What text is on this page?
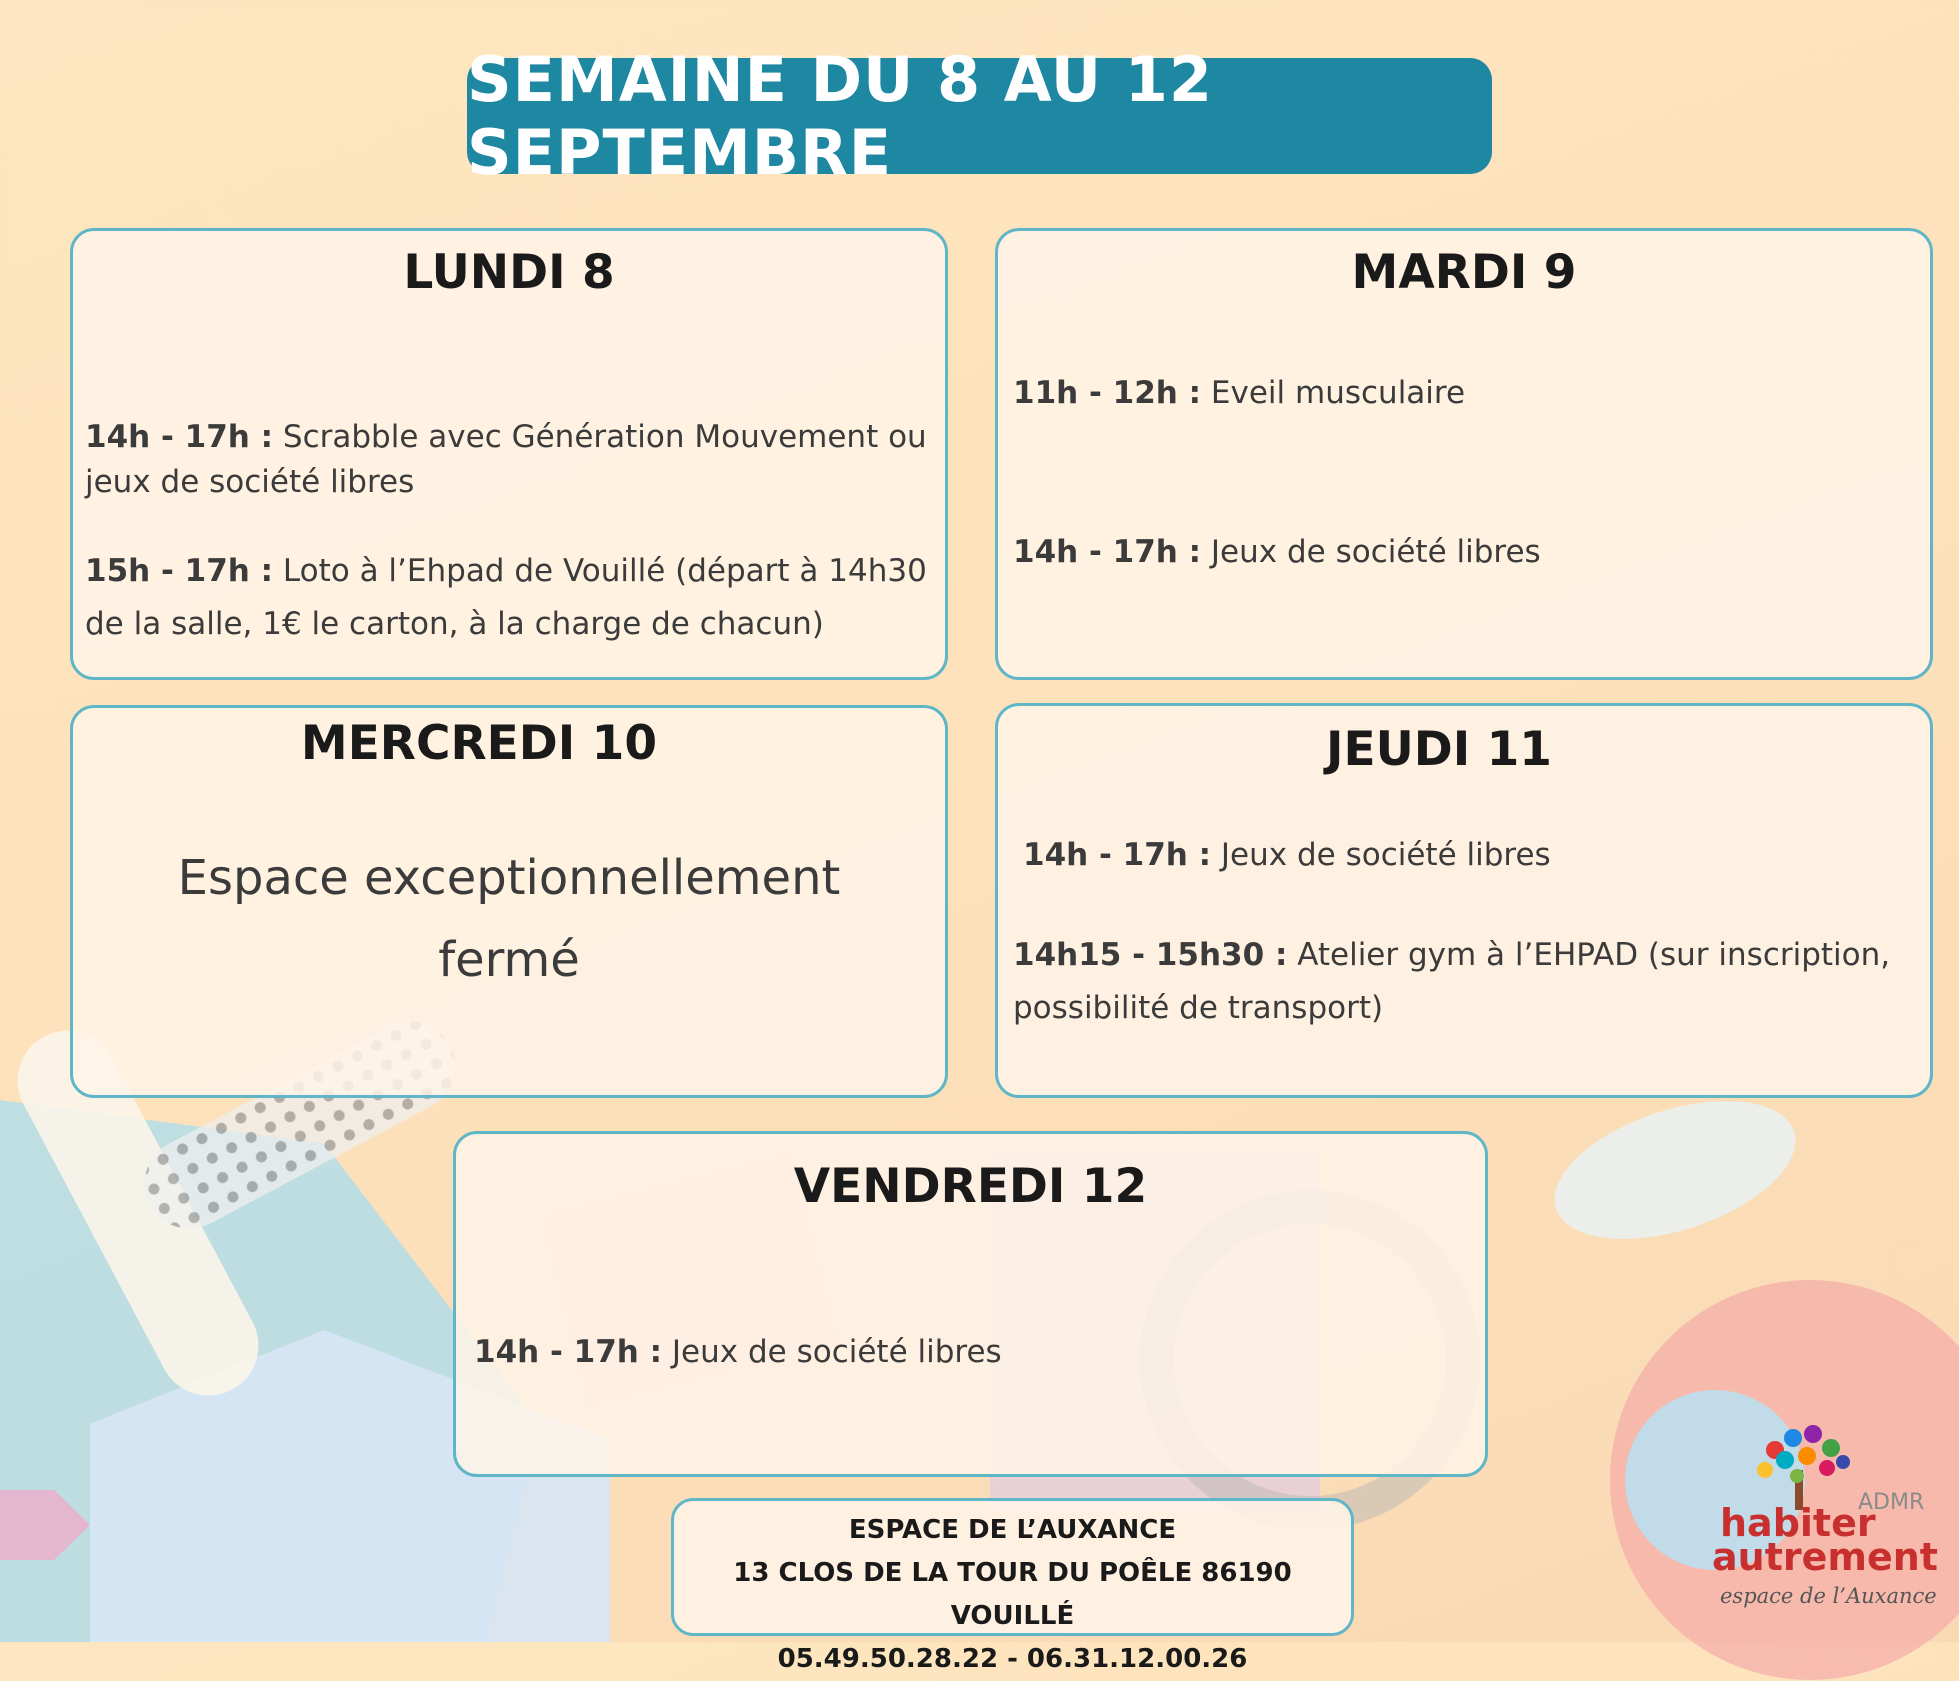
SEMAINE DU 8 AU 12 SEPTEMBRE
LUNDI 8
14h - 17h : Scrabble avec Génération Mouvement ou
jeux de société libres
15h - 17h : Loto à l’Ehpad de Vouillé (départ à 14h30
de la salle, 1€ le carton, à la charge de chacun)
MARDI 9
11h - 12h : Eveil musculaire
14h - 17h : Jeux de société libres
MERCREDI 10
Espace exceptionnellement
fermé
JEUDI 11
14h - 17h : Jeux de société libres
14h15 - 15h30 : Atelier gym à l’EHPAD (sur inscription,
possibilité de transport)
VENDREDI 12
14h - 17h : Jeux de société libres
ESPACE DE L’AUXANCE
13 CLOS DE LA TOUR DU POÊLE 86190 VOUILLÉ
05.49.50.28.22 - 06.31.12.00.26
ADMR
habiter
autrement
espace de l’Auxance
